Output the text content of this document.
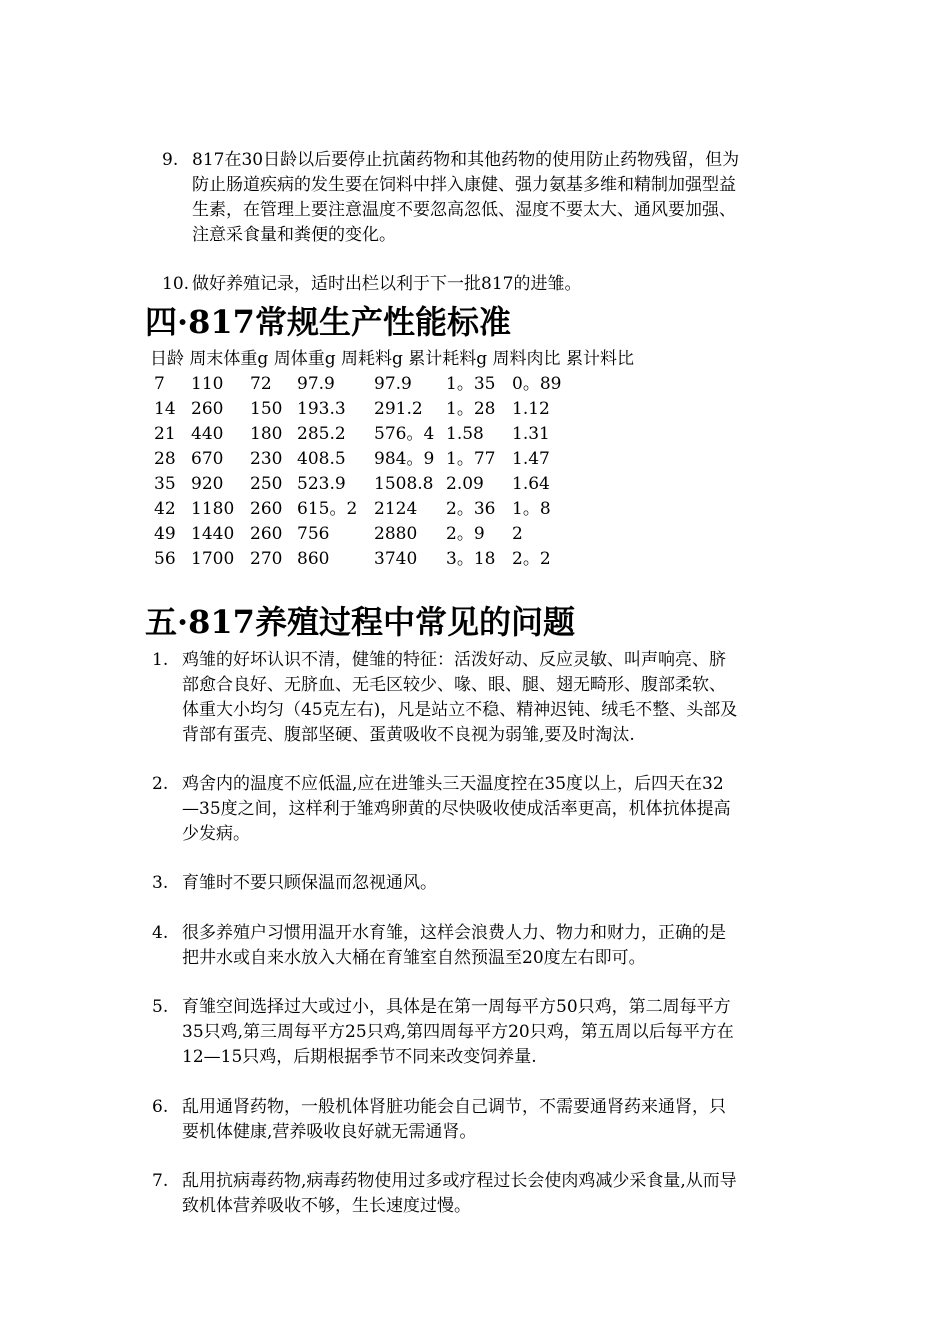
9. 817在30日龄以后要停止抗菌药物和其他药物的使用防止药物残留，但为
防止肠道疾病的发生要在饲料中拌入康健、强力氨基多维和精制加强型益
生素，在管理上要注意温度不要忽高忽低、湿度不要太大、通风要加强、
注意采食量和粪便的变化。
10. 做好养殖记录，适时出栏以利于下一批817的进雏。
四·817常规生产性能标准
日龄 周末体重g 周体重g 周耗料g 累计耗料g 周料肉比 累计料比
7 110 72 97.9 97.9 1。35 0。89
14 260 150 193.3 291.2 1。28 1.12
21 440 180 285.2 576。4 1.58 1.31
28 670 230 408.5 984。9 1。77 1.47
35 920 250 523.9 1508.8 2.09 1.64
42 1180 260 615。2 2124 2。36 1。8
49 1440 260 756	2880 2。9 2
56 1700 270 860	3740 3。18 2。2
五·817养殖过程中常见的问题
1. 鸡雏的好坏认识不清，健雏的特征：活泼好动、反应灵敏、叫声响亮、脐
部愈合良好、无脐血、无毛区较少、喙、眼、腿、翅无畸形、腹部柔软、
体重大小均匀（45克左右)，凡是站立不稳、精神迟钝、绒毛不整、头部及
背部有蛋壳、腹部坚硬、蛋黄吸收不良视为弱雏,要及时淘汰.
2. 鸡舍内的温度不应低温,应在进雏头三天温度控在35度以上，后四天在32
—35度之间，这样利于雏鸡卵黄的尽快吸收使成活率更高，机体抗体提高
少发病。
3. 育雏时不要只顾保温而忽视通风。
4. 很多养殖户习惯用温开水育雏，这样会浪费人力、物力和财力，正确的是
把井水或自来水放入大桶在育雏室自然预温至20度左右即可。
5. 育雏空间选择过大或过小，具体是在第一周每平方50只鸡，第二周每平方
35只鸡,第三周每平方25只鸡,第四周每平方20只鸡，第五周以后每平方在
12—15只鸡，后期根据季节不同来改变饲养量.
6. 乱用通肾药物，一般机体肾脏功能会自己调节，不需要通肾药来通肾，只
要机体健康,营养吸收良好就无需通肾。
7. 乱用抗病毒药物,病毒药物使用过多或疗程过长会使肉鸡减少采食量,从而导
致机体营养吸收不够，生长速度过慢。
